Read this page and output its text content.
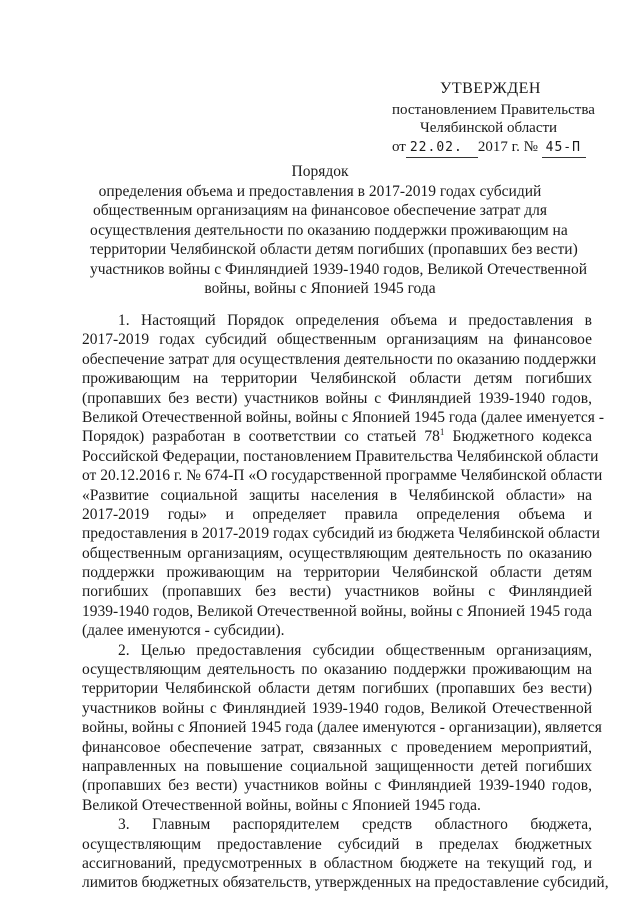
УТВЕРЖДЕН
постановлением Правительства
Челябинской области
от 22.02. 2017 г. № 45-П
Порядок
определения объема и предоставления в 2017-2019 годах субсидий
общественным организациям на финансовое обеспечение затрат для
осуществления деятельности по оказанию поддержки проживающим на
территории Челябинской области детям погибших (пропавших без вести)
участников войны с Финляндией 1939-1940 годов, Великой Отечественной
войны, войны с Японией 1945 года
1. Настоящий Порядок определения объема и предоставления в
2017-2019 годах субсидий общественным организациям на финансовое
обеспечение затрат для осуществления деятельности по оказанию поддержки
проживающим на территории Челябинской области детям погибших
(пропавших без вести) участников войны с Финляндией 1939-1940 годов,
Великой Отечественной войны, войны с Японией 1945 года (далее именуется -
Порядок) разработан в соответствии со статьей $78^1$ Бюджетного кодекса
Российской Федерации, постановлением Правительства Челябинской области
от 20.12.2016 г. № 674-П «О государственной программе Челябинской области
«Развитие социальной защиты населения в Челябинской области» на
2017-2019 годы» и определяет правила определения объема и
предоставления в 2017-2019 годах субсидий из бюджета Челябинской области
общественным организациям, осуществляющим деятельность по оказанию
поддержки проживающим на территории Челябинской области детям
погибших (пропавших без вести) участников войны с Финляндией
1939-1940 годов, Великой Отечественной войны, войны с Японией 1945 года
(далее именуются - субсидии).
2. Целью предоставления субсидии общественным организациям,
осуществляющим деятельность по оказанию поддержки проживающим на
территории Челябинской области детям погибших (пропавших без вести)
участников войны с Финляндией 1939-1940 годов, Великой Отечественной
войны, войны с Японией 1945 года (далее именуются - организации), является
финансовое обеспечение затрат, связанных с проведением мероприятий,
направленных на повышение социальной защищенности детей погибших
(пропавших без вести) участников войны с Финляндией 1939-1940 годов,
Великой Отечественной войны, войны с Японией 1945 года.
3. Главным распорядителем средств областного бюджета,
осуществляющим предоставление субсидий в пределах бюджетных
ассигнований, предусмотренных в областном бюджете на текущий год, и
лимитов бюджетных обязательств, утвержденных на предоставление субсидий,
